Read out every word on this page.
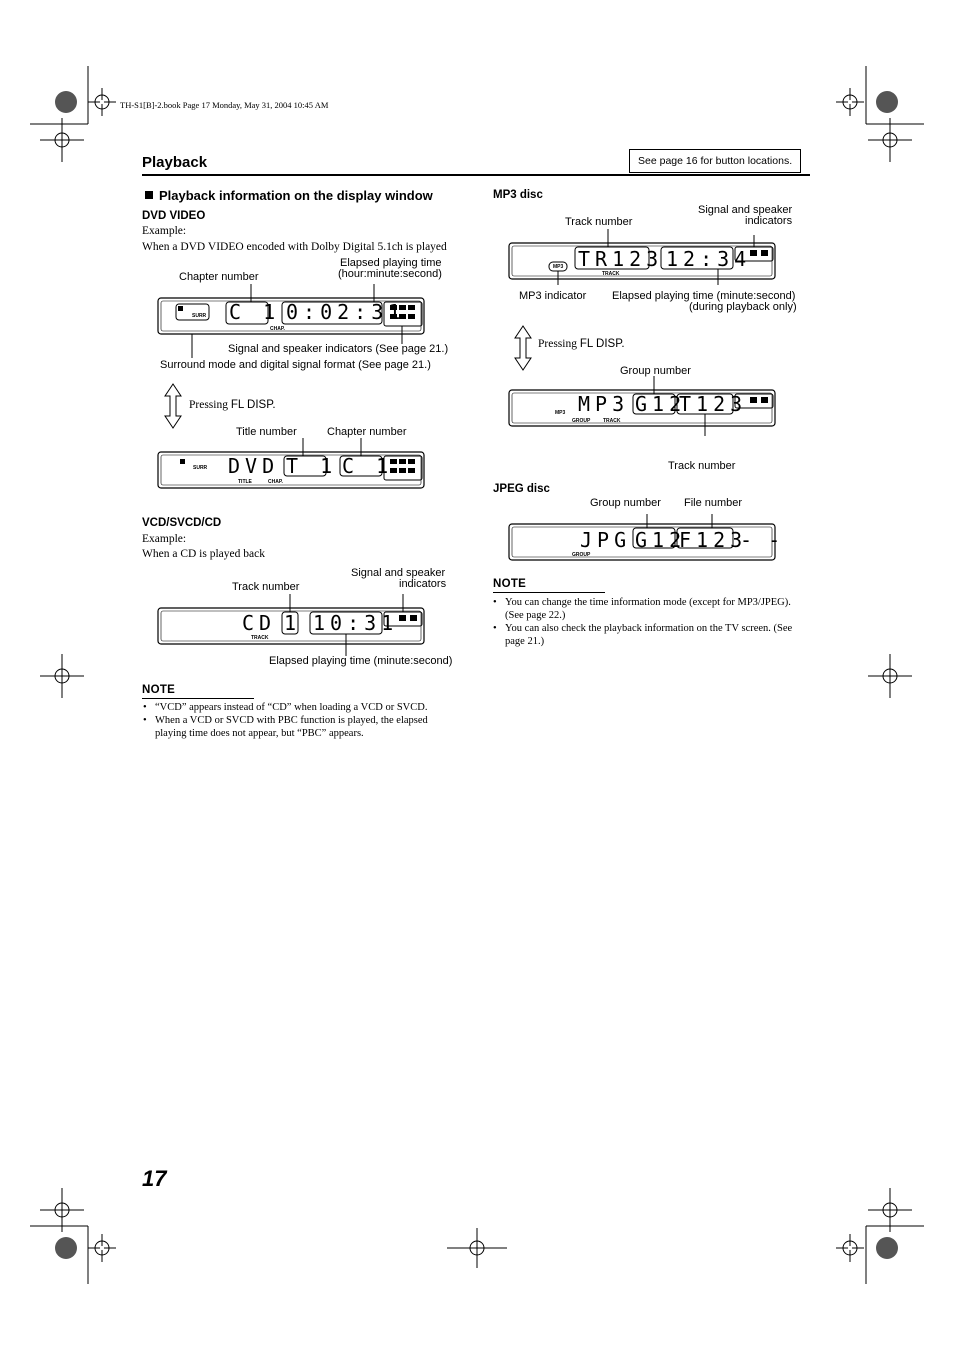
TH-S1[B]-2.book Page 17 Monday, May 31, 2004 10:45 AM
Playback	See page 16 for button locations.
Playback information on the display window
DVD VIDEO
Example:
When a DVD VIDEO encoded with Dolby Digital 5.1ch is played
Chapter number
Elapsed playing time
(hour:minute:second)
SURR
CHAP.
C 1 0:02:31
Signal and speaker indicators (See page 21.)
Surround mode and digital signal format (See page 21.)
Pressing FL DISP.
Title number	Chapter number
SURR
TITLE	CHAP.
DVD T 1 C 1
VCD/SVCD/CD
Example:
When a CD is played back
Signal and speaker
indicators
Track number
TRACK
CD 1 10:31
Elapsed playing time (minute:second)
NOTE
• “VCD” appears instead of “CD” when loading a VCD or SVCD.
• When a VCD or SVCD with PBC function is played, the elapsed
playing time does not appear, but “PBC” appears.
MP3 disc
Signal and speaker
indicators
Track number
MP3
TRACK
TR123 12:34
MP3 indicator Elapsed playing time (minute:second)
(during playback only)
Pressing FL DISP.
Group number
MP3
GROUP	TRACK
MP3 G12
T123
Track number
JPEG disc
Group number File number
GROUP
JPG G12
F123
- -
NOTE
• You can change the time information mode (except for MP3/JPEG).
(See page 22.)
• You can also check the playback information on the TV screen. (See
page 21.)
17
